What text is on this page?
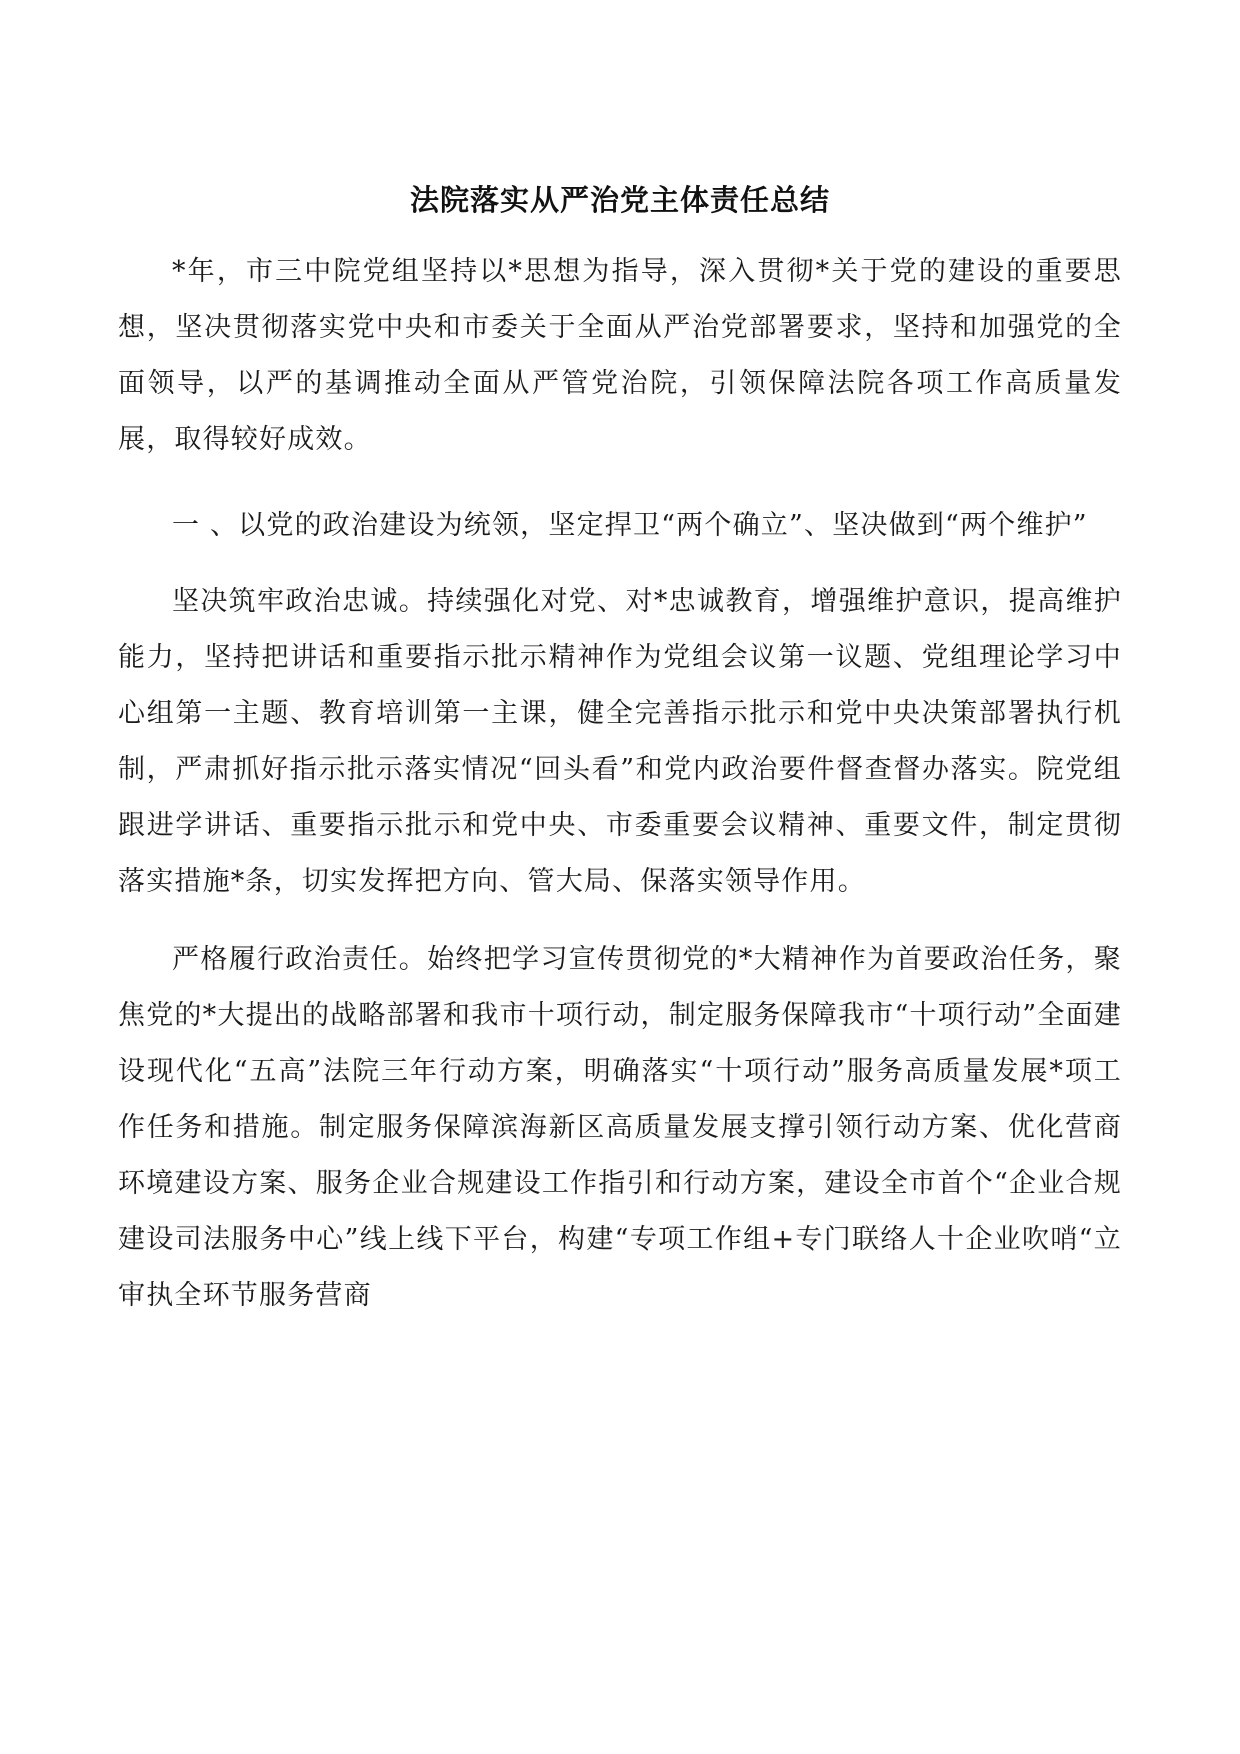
法院落实从严治党主体责任总结

*年，市三中院党组坚持以*思想为指导，深入贯彻*关于党的建设的重要思想，坚决贯彻落实党中央和市委关于全面从严治党部署要求，坚持和加强党的全面领导，以严的基调推动全面从严管党治院，引领保障法院各项工作高质量发展，取得较好成效。

一 、以党的政治建设为统领，坚定捍卫“两个确立”、坚决做到“两个维护”

坚决筑牢政治忠诚。持续强化对党、对*忠诚教育，增强维护意识，提高维护能力，坚持把讲话和重要指示批示精神作为党组会议第一议题、党组理论学习中心组第一主题、教育培训第一主课，健全完善指示批示和党中央决策部署执行机制，严肃抓好指示批示落实情况“回头看”和党内政治要件督查督办落实。院党组跟进学讲话、重要指示批示和党中央、市委重要会议精神、重要文件，制定贯彻落实措施*条，切实发挥把方向、管大局、保落实领导作用。

严格履行政治责任。始终把学习宣传贯彻党的*大精神作为首要政治任务，聚焦党的*大提出的战略部署和我市十项行动，制定服务保障我市“十项行动”全面建设现代化“五高”法院三年行动方案，明确落实“十项行动”服务高质量发展*项工作任务和措施。制定服务保障滨海新区高质量发展支撑引领行动方案、优化营商环境建设方案、服务企业合规建设工作指引和行动方案，建设全市首个“企业合规建设司法服务中心”线上线下平台，构建“专项工作组+专门联络人十企业吹哨“立审执全环节服务营商
